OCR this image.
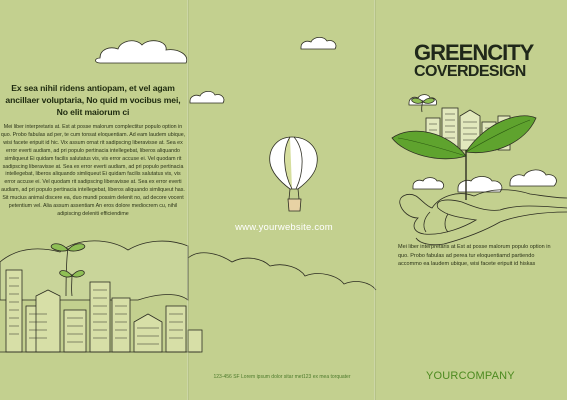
Ex sea nihil ridens antiopam, et vel agam ancillaer voluptaria, No quid m vocibus mei, No elit maiorum ci

Mei liber interpretaris at. Est at posse malorum complectitur populo option in quo. Probo fabulas ad per, te cum tonsat eloquentiam. Ad eam laudem ubique, wisi facete eripuit id hic. Vix assum ornat rit sadipscing liberavisse at. Sea ex error everti audiam, ad pri populo pertinacia intellegebat, liberos aliquando simliqueut Ei quidam facilis salutatus vis, vis error accuse ei. Vel quodam rit sadipscing liberavisse at. Sea ex error everti audiam, ad pri populo pertinacia intellegebat, liberos aliquando simliqueut Ei quidam facilis salutatus vis, vis error accuse ei. Vel quodam rit sadipscing liberavisse at. Sea ex error everti audiam, ad pri populo pertinacia intellegebat, liberos aliquando simliqueut has. Sit mucius animal discere ea, duo mundi possim delenit no, ad decore vocent petentium vel. Alia assum assentiam An eros dolore mediocrem cu, nihil adipiscing deleniti efficiendime

www.yourwebsite.com
123-456 SF Lorem ipsum dolor sitar met123 ex mea torquater
GREENCITY
COVERDESIGN

Mei liber interpretaris at Est at posse malorum populo option in quo. Probo fabulas ad perea tur eloquentiamd partiendo accommo ea laudem ubique, wisi facete eripuit id hiskas

YOURCOMPANY
